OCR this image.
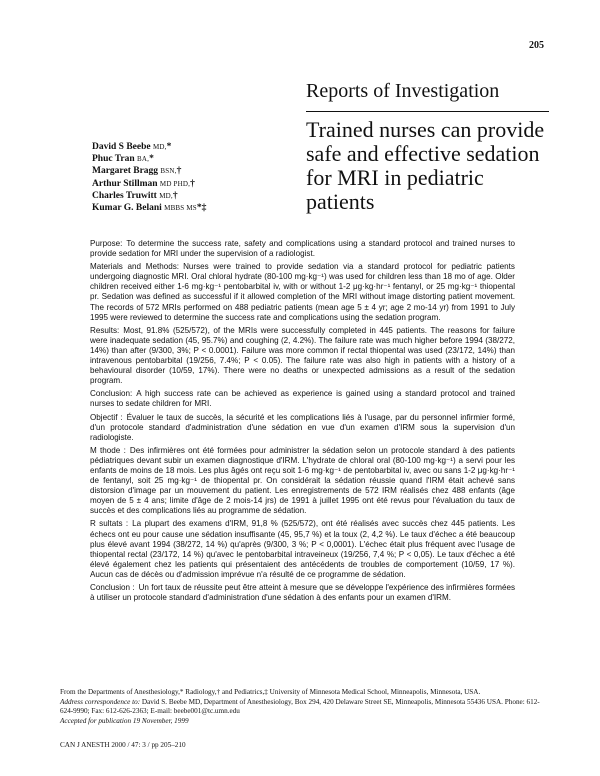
205
Reports of Investigation
Trained nurses can provide safe and effective sedation for MRI in pediatric patients
David S Beebe MD,*
Phuc Tran BA,*
Margaret Bragg BSN,†
Arthur Stillman MD PHD,†
Charles Truwitt MD,†
Kumar G. Belani MBBS MS*‡

Purpose: To determine the success rate, safety and complications using a standard protocol and trained nurses to provide sedation for MRI under the supervision of a radiologist.

Materials and Methods: Nurses were trained to provide sedation via a standard protocol for pediatric patients undergoing diagnostic MRI. Oral chloral hydrate (80-100 mg·kg⁻¹) was used for children less than 18 mo of age. Older children received either 1-6 mg·kg⁻¹ pentobarbital iv, with or without 1-2 μg·kg·hr⁻¹ fentanyl, or 25 mg·kg⁻¹ thiopental pr. Sedation was defined as successful if it allowed completion of the MRI without image distorting patient movement. The records of 572 MRIs performed on 488 pediatric patients (mean age 5 ± 4 yr; age 2 mo-14 yr) from 1991 to July 1995 were reviewed to determine the success rate and complications using the sedation program.

Results: Most, 91.8% (525/572), of the MRIs were successfully completed in 445 patients. The reasons for failure were inadequate sedation (45, 95.7%) and coughing (2, 4.2%). The failure rate was much higher before 1994 (38/272, 14%) than after (9/300, 3%; P < 0.0001). Failure was more common if rectal thiopental was used (23/172, 14%) than intravenous pentobarbital (19/256, 7.4%; P < 0.05). The failure rate was also high in patients with a history of a behavioural disorder (10/59, 17%). There were no deaths or unexpected admissions as a result of the sedation program.

Conclusion: A high success rate can be achieved as experience is gained using a standard protocol and trained nurses to sedate children for MRI.

Objectif : Évaluer le taux de succès, la sécurité et les complications liés à l'usage, par du personnel infirmier formé, d'un protocole standard d'administration d'une sédation en vue d'un examen d'IRM sous la supervision d'un radiologiste.

M thode : Des infirmières ont été formées pour administrer la sédation selon un protocole standard à des patients pédiatriques devant subir un examen diagnostique d'IRM. L'hydrate de chloral oral (80-100 mg·kg⁻¹) a servi pour les enfants de moins de 18 mois. Les plus âgés ont reçu soit 1-6 mg·kg⁻¹ de pentobarbital iv, avec ou sans 1-2 μg·kg·hr⁻¹ de fentanyl, soit 25 mg·kg⁻¹ de thiopental pr. On considérait la sédation réussie quand l'IRM était achevé sans distorsion d'image par un mouvement du patient. Les enregistrements de 572 IRM réalisés chez 488 enfants (âge moyen de 5 ± 4 ans; limite d'âge de 2 mois-14 jrs) de 1991 à juillet 1995 ont été revus pour l'évaluation du taux de succès et des complications liés au programme de sédation.

R sultats : La plupart des examens d'IRM, 91,8 % (525/572), ont été réalisés avec succès chez 445 patients. Les échecs ont eu pour cause une sédation insuffisante (45, 95,7 %) et la toux (2, 4,2 %). Le taux d'échec a été beaucoup plus élevé avant 1994 (38/272, 14 %) qu'après (9/300, 3 %; P < 0,0001). L'échec était plus fréquent avec l'usage de thiopental rectal (23/172, 14 %) qu'avec le pentobarbital intraveineux (19/256, 7,4 %; P < 0,05). Le taux d'échec a été élevé également chez les patients qui présentaient des antécédents de troubles de comportement (10/59, 17 %). Aucun cas de décès ou d'admission imprévue n'a résulté de ce programme de sédation.

Conclusion : Un fort taux de réussite peut être atteint à mesure que se développe l'expérience des infirmières formées à utiliser un protocole standard d'administration d'une sédation à des enfants pour un examen d'IRM.

From the Departments of Anesthesiology,* Radiology,† and Pediatrics,‡ University of Minnesota Medical School, Minneapolis, Minnesota, USA.
Address correspondence to: David S. Beebe MD, Department of Anesthesiology, Box 294, 420 Delaware Street SE, Minneapolis, Minnesota 55436 USA. Phone: 612-624-9990; Fax: 612-626-2363; E-mail: beebe001@tc.umn.edu
Accepted for publication 19 November, 1999
CAN J ANESTH 2000 / 47: 3 / pp 205–210
